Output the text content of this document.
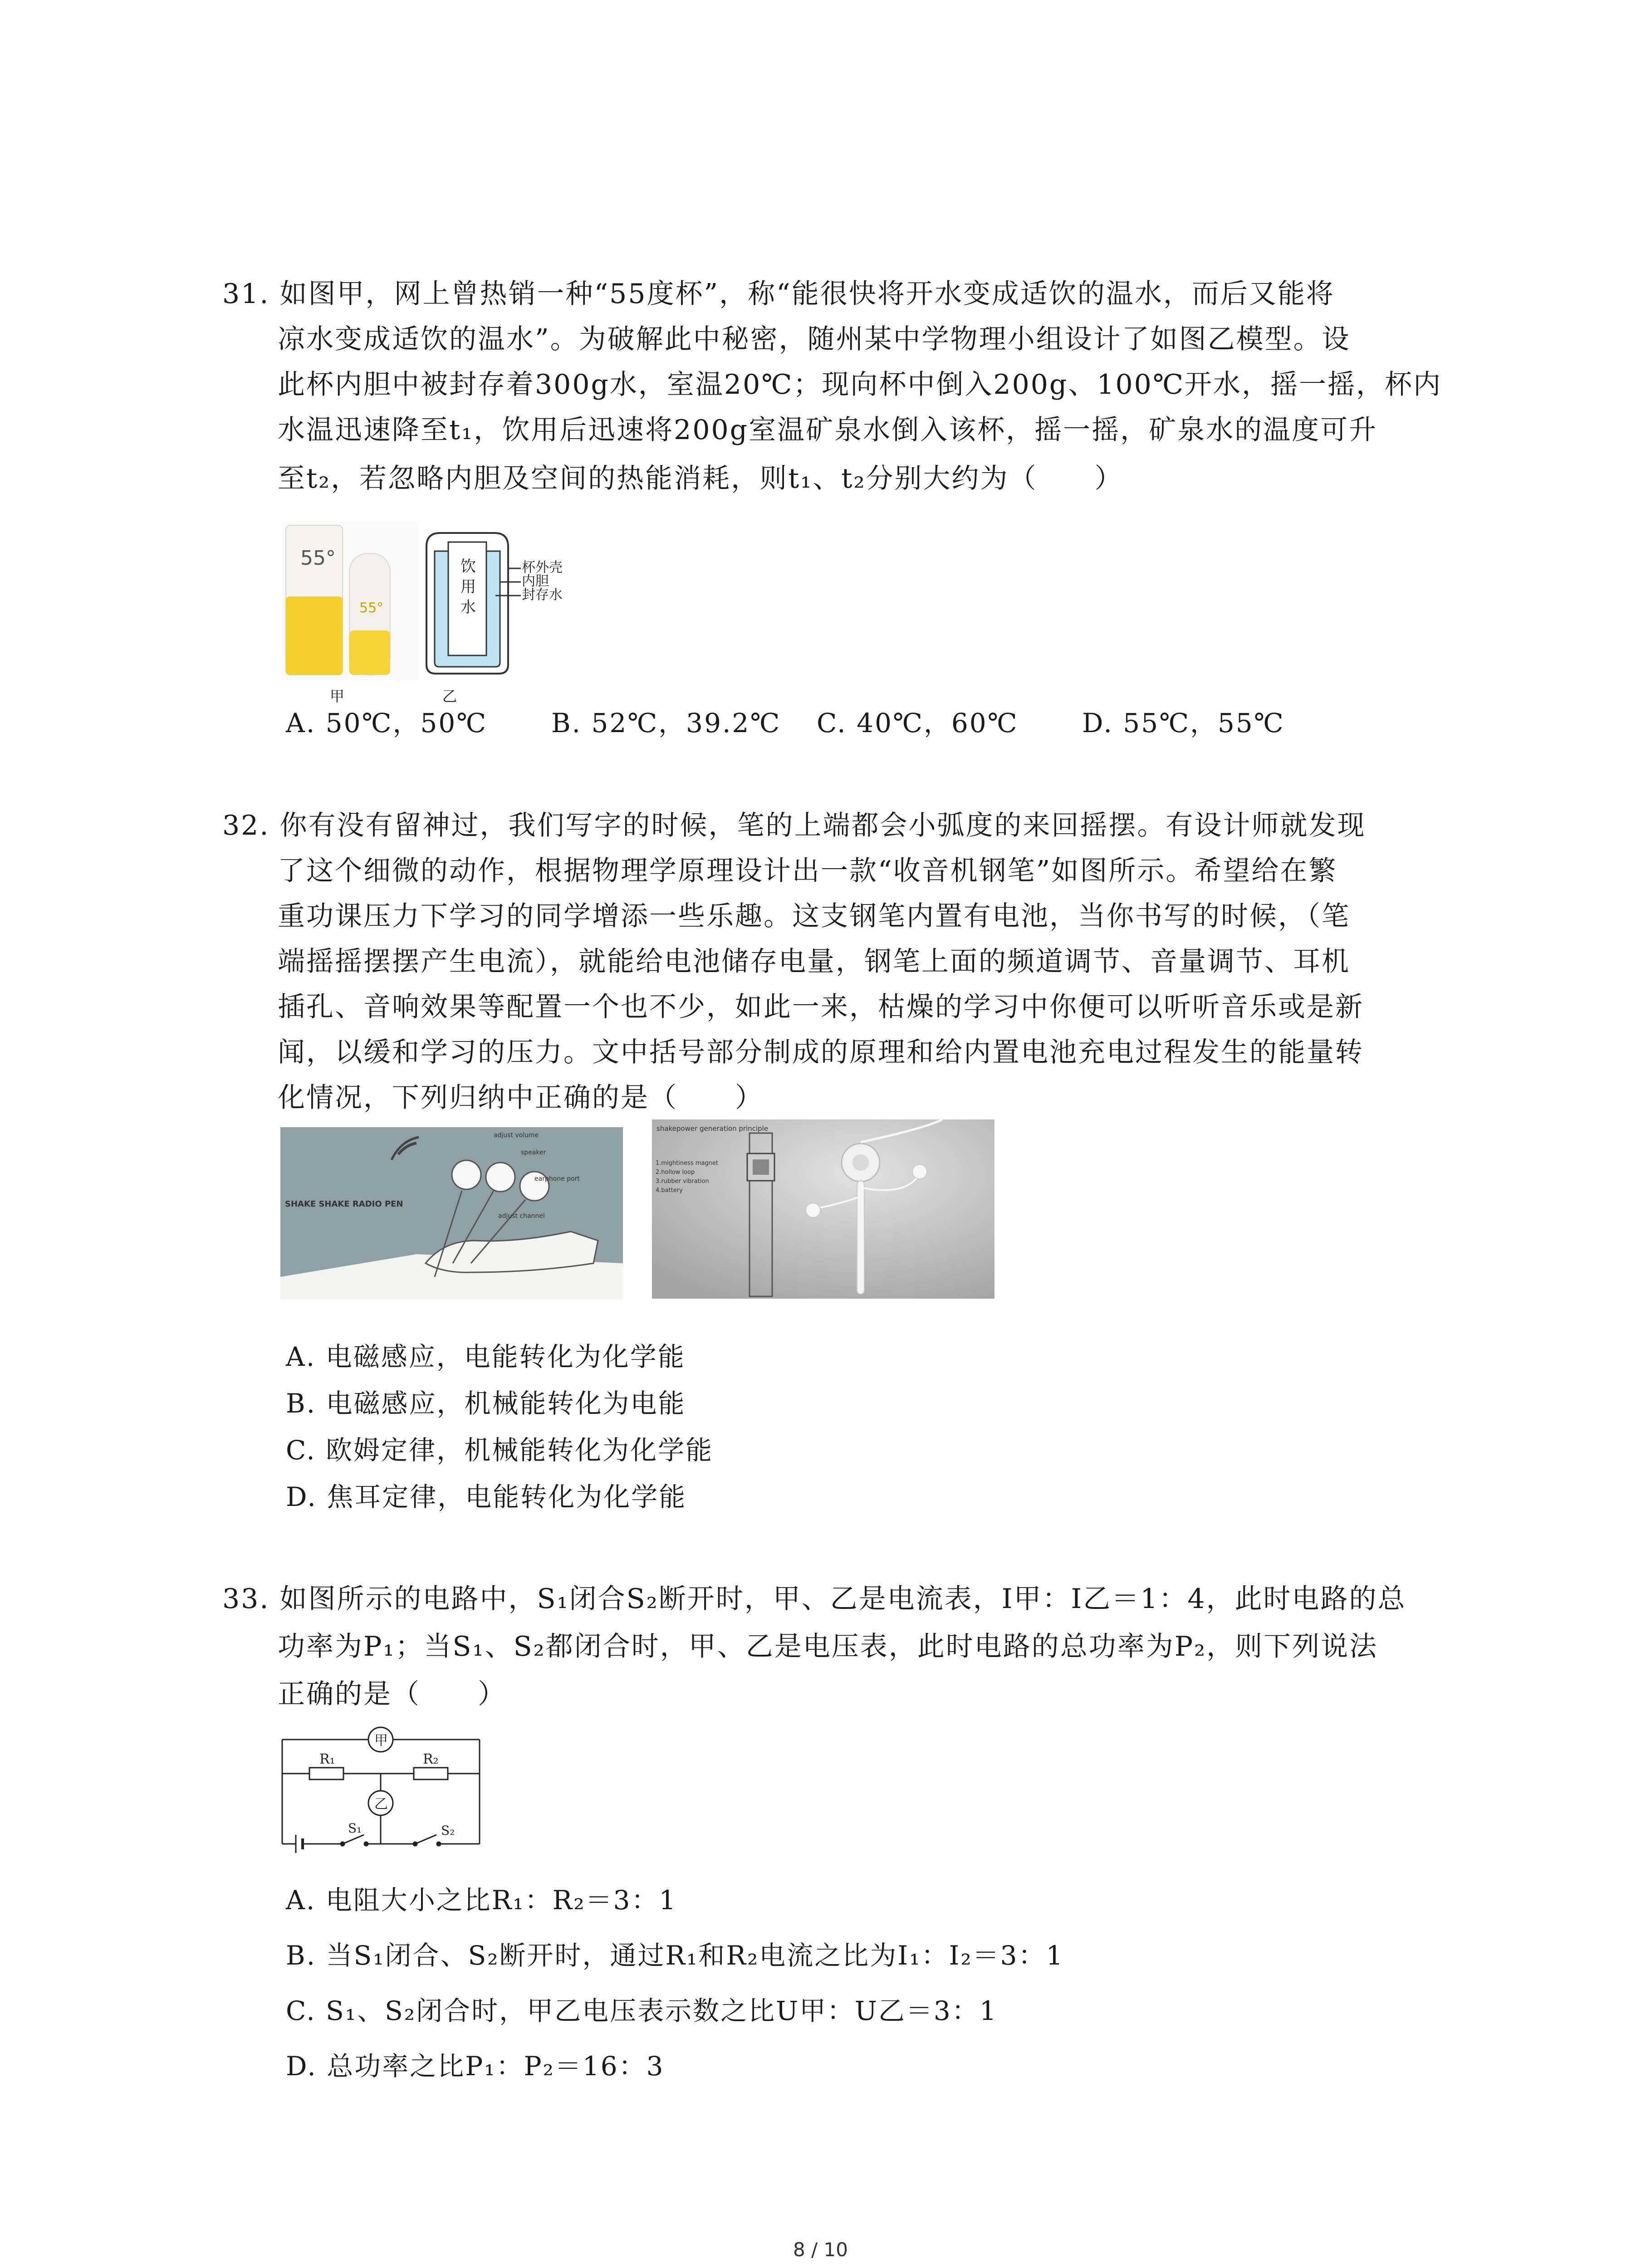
31. 如图甲，网上曾热销一种“55度杯”，称“能很快将开水变成适饮的温水，而后又能将
凉水变成适饮的温水”。为破解此中秘密，随州某中学物理小组设计了如图乙模型。设
此杯内胆中被封存着300g水，室温20℃；现向杯中倒入200g、100℃开水，摇一摇，杯内
水温迅速降至t₁，饮用后迅速将200g室温矿泉水倒入该杯，摇一摇，矿泉水的温度可升
至t₂，若忽略内胆及空间的热能消耗，则t₁、t₂分别大约为（　　）
55°
55°
甲
饮
用
水
杯外壳
内胆
封存水
乙
A. 50℃，50℃ B. 52℃，39.2℃ C. 40℃，60℃ D. 55℃，55℃
32. 你有没有留神过，我们写字的时候，笔的上端都会小弧度的来回摇摆。有设计师就发现
了这个细微的动作，根据物理学原理设计出一款“收音机钢笔”如图所示。希望给在繁
重功课压力下学习的同学增添一些乐趣。这支钢笔内置有电池，当你书写的时候，（笔
端摇摇摆摆产生电流），就能给电池储存电量，钢笔上面的频道调节、音量调节、耳机
插孔、音响效果等配置一个也不少，如此一来，枯燥的学习中你便可以听听音乐或是新
闻，以缓和学习的压力。文中括号部分制成的原理和给内置电池充电过程发生的能量转
化情况，下列归纳中正确的是（　　）
SHAKE SHAKE RADIO PEN
adjust volume
speaker
earphone port
adjust channel
shakepower generation principle
1.mightiness magnet
2.hollow loop
3.rubber vibration
4.battery
A. 电磁感应，电能转化为化学能
B. 电磁感应，机械能转化为电能
C. 欧姆定律，机械能转化为化学能
D. 焦耳定律，电能转化为化学能
33. 如图所示的电路中，S₁闭合S₂断开时，甲、乙是电流表，I甲：I乙＝1：4，此时电路的总
功率为P₁；当S₁、S₂都闭合时，甲、乙是电压表，此时电路的总功率为P₂，则下列说法
正确的是（　　）
甲
乙
R₁	R₂
S₁	S₂
A. 电阻大小之比R₁：R₂＝3：1
B. 当S₁闭合、S₂断开时，通过R₁和R₂电流之比为I₁：I₂＝3：1
C. S₁、S₂闭合时，甲乙电压表示数之比U甲：U乙＝3：1
D. 总功率之比P₁：P₂＝16：3
8 / 10
